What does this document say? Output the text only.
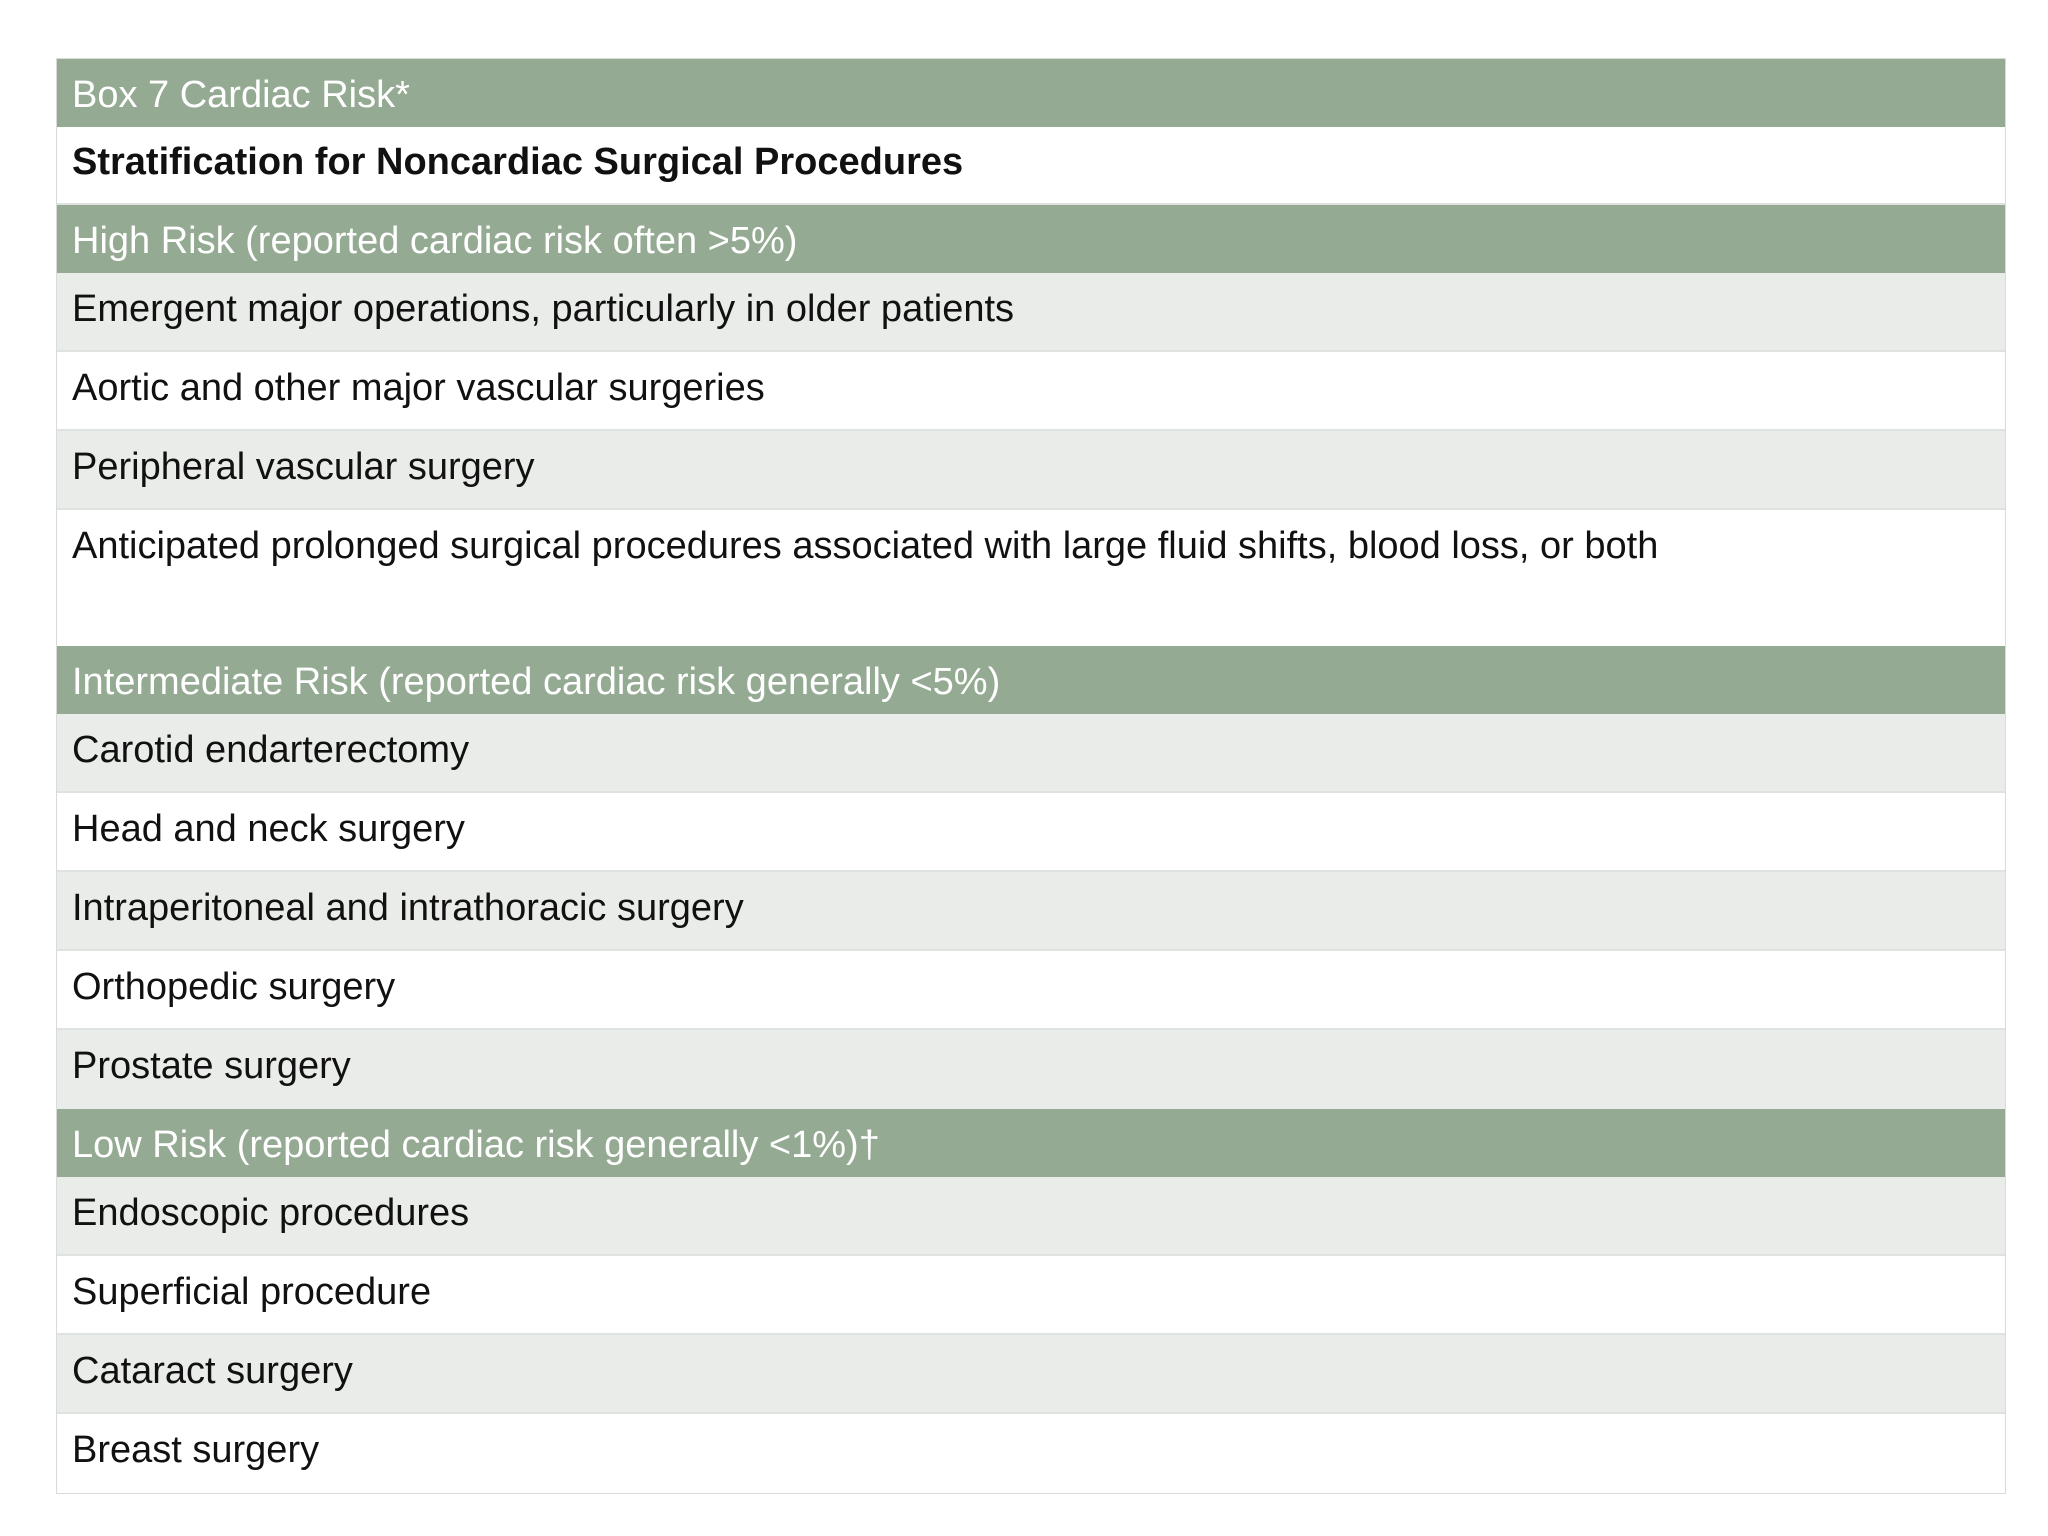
Box 7 Cardiac Risk*
Stratification for Noncardiac Surgical Procedures
High Risk (reported cardiac risk often >5%)
Emergent major operations, particularly in older patients
Aortic and other major vascular surgeries
Peripheral vascular surgery
Anticipated prolonged surgical procedures associated with large fluid shifts, blood loss, or both
Intermediate Risk (reported cardiac risk generally <5%)
Carotid endarterectomy
Head and neck surgery
Intraperitoneal and intrathoracic surgery
Orthopedic surgery
Prostate surgery
Low Risk (reported cardiac risk generally <1%)†
Endoscopic procedures
Superficial procedure
Cataract surgery
Breast surgery
